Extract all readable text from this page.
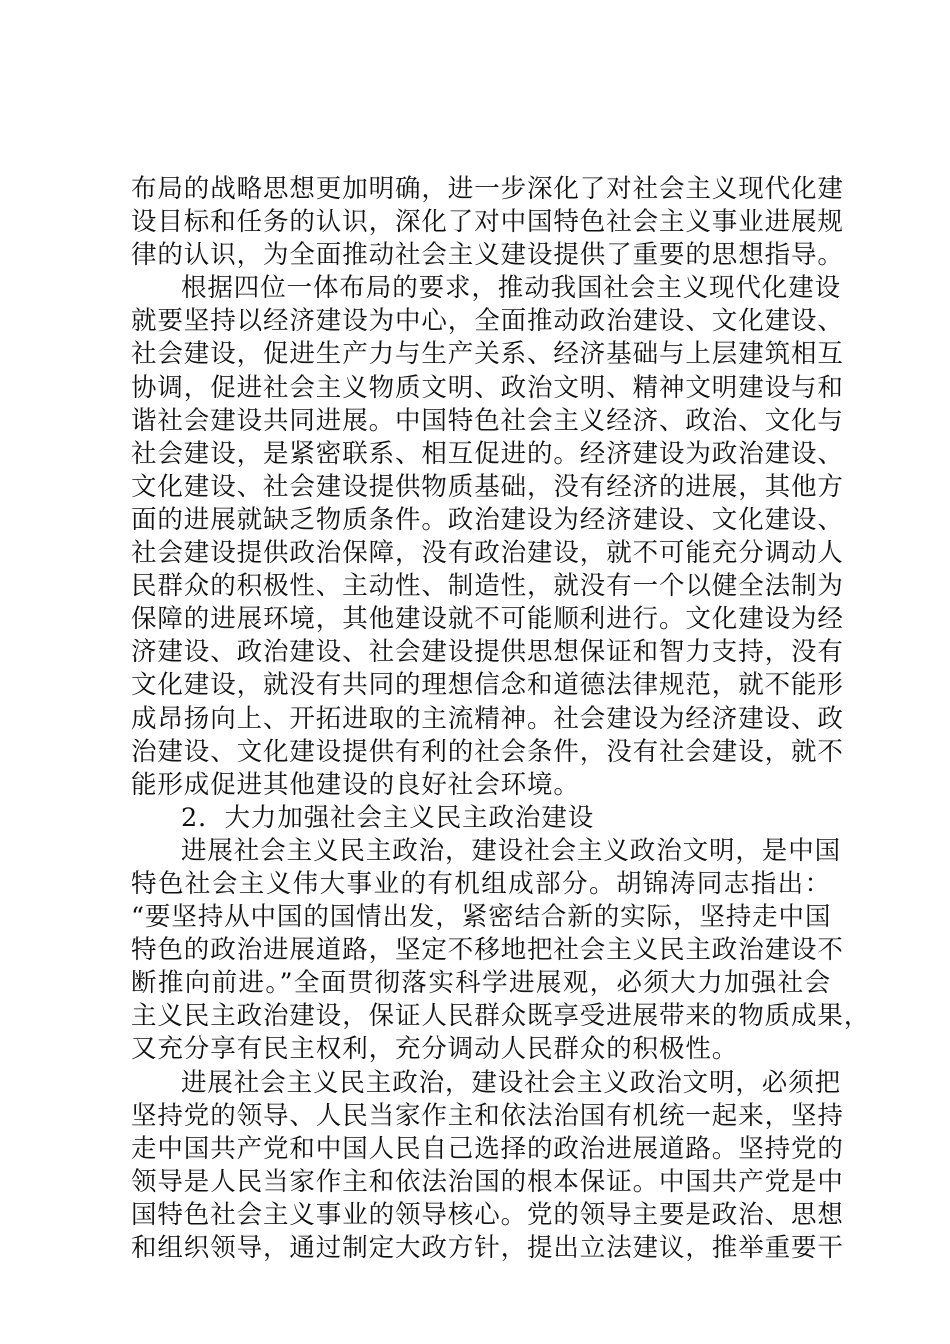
布局的战略思想更加明确，进一步深化了对社会主义现代化建
设目标和任务的认识，深化了对中国特色社会主义事业进展规
律的认识，为全面推动社会主义建设提供了重要的思想指导。
根据四位一体布局的要求，推动我国社会主义现代化建设
就要坚持以经济建设为中心，全面推动政治建设、文化建设、
社会建设，促进生产力与生产关系、经济基础与上层建筑相互
协调，促进社会主义物质文明、政治文明、精神文明建设与和
谐社会建设共同进展。中国特色社会主义经济、政治、文化与
社会建设，是紧密联系、相互促进的。经济建设为政治建设、
文化建设、社会建设提供物质基础，没有经济的进展，其他方
面的进展就缺乏物质条件。政治建设为经济建设、文化建设、
社会建设提供政治保障，没有政治建设，就不可能充分调动人
民群众的积极性、主动性、制造性，就没有一个以健全法制为
保障的进展环境，其他建设就不可能顺利进行。文化建设为经
济建设、政治建设、社会建设提供思想保证和智力支持，没有
文化建设，就没有共同的理想信念和道德法律规范，就不能形
成昂扬向上、开拓进取的主流精神。社会建设为经济建设、政
治建设、文化建设提供有利的社会条件，没有社会建设，就不
能形成促进其他建设的良好社会环境。
2．大力加强社会主义民主政治建设
进展社会主义民主政治，建设社会主义政治文明，是中国
特色社会主义伟大事业的有机组成部分。胡锦涛同志指出：
“要坚持从中国的国情出发，紧密结合新的实际，坚持走中国
特色的政治进展道路，坚定不移地把社会主义民主政治建设不
断推向前进。”全面贯彻落实科学进展观，必须大力加强社会
主义民主政治建设，保证人民群众既享受进展带来的物质成果，
又充分享有民主权利，充分调动人民群众的积极性。
进展社会主义民主政治，建设社会主义政治文明，必须把
坚持党的领导、人民当家作主和依法治国有机统一起来，坚持
走中国共产党和中国人民自己选择的政治进展道路。坚持党的
领导是人民当家作主和依法治国的根本保证。中国共产党是中
国特色社会主义事业的领导核心。党的领导主要是政治、思想
和组织领导，通过制定大政方针，提出立法建议，推举重要干
